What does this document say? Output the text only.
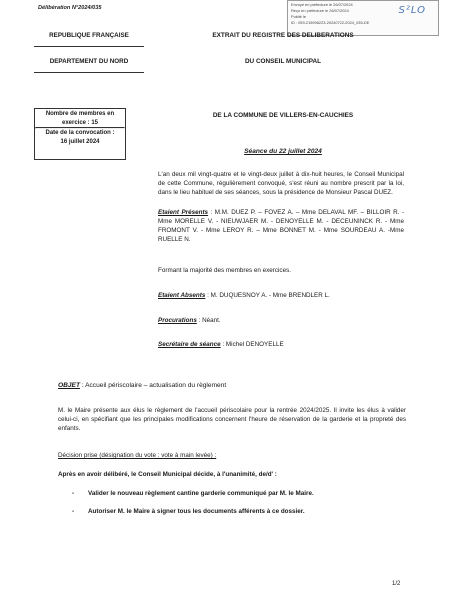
Délibération N°2024/035
Envoyé en préfecture le 26/07/2024
Reçu en préfecture le 26/07/2024
Publié le
ID : 059-215906223-20240722-2024_035-DE
S²LO
REPUBLIQUE FRANÇAISE
DEPARTEMENT DU NORD
Nombre de membres en exercice : 15
Date de la convocation :
16 juillet 2024
EXTRAIT DU REGISTRE DES DELIBERATIONS
DU CONSEIL MUNICIPAL
DE LA COMMUNE DE VILLERS-EN-CAUCHIES
Séance du 22 juillet 2024
L'an deux mil vingt-quatre et le vingt-deux juillet à dix-huit heures, le Conseil Municipal de cette Commune, régulièrement convoqué, s'est réuni au nombre prescrit par la loi, dans le lieu habituel de ses séances, sous la présidence de Monsieur Pascal DUEZ.
Etaient Présents : M.M. DUEZ P. – FOVEZ A. – Mme DELAVAL MF. – BILLOIR R. - Mme MORELLE V. - NIEUWJAER M. - DENOYELLE M. - DECEUNINCK R. - Mme FROMONT V. - Mme LEROY R. – Mme BONNET M. - Mme SOURDEAU A. -Mme RUELLE N.
Formant la majorité des membres en exercices.
Etaient Absents : M. DUQUESNOY A. - Mme BRENDLER L.
Procurations : Néant.
Secrétaire de séance : Michel DENOYELLE
OBJET : Accueil périscolaire – actualisation du règlement
M. le Maire présente aux élus le règlement de l'accueil périscolaire pour la rentrée 2024/2025. Il invite les élus à valider celui-ci, en spécifiant que les principales modifications concernent l'heure de réservation de la garderie et la propreté des enfants.
Décision prise (désignation du vote : vote à main levée) :
Après en avoir délibéré, le Conseil Municipal décide, à l'unanimité, de/d' :
- Valider le nouveau règlement cantine garderie communiqué par M. le Maire.
- Autoriser M. le Maire à signer tous les documents afférents à ce dossier.
1/2
